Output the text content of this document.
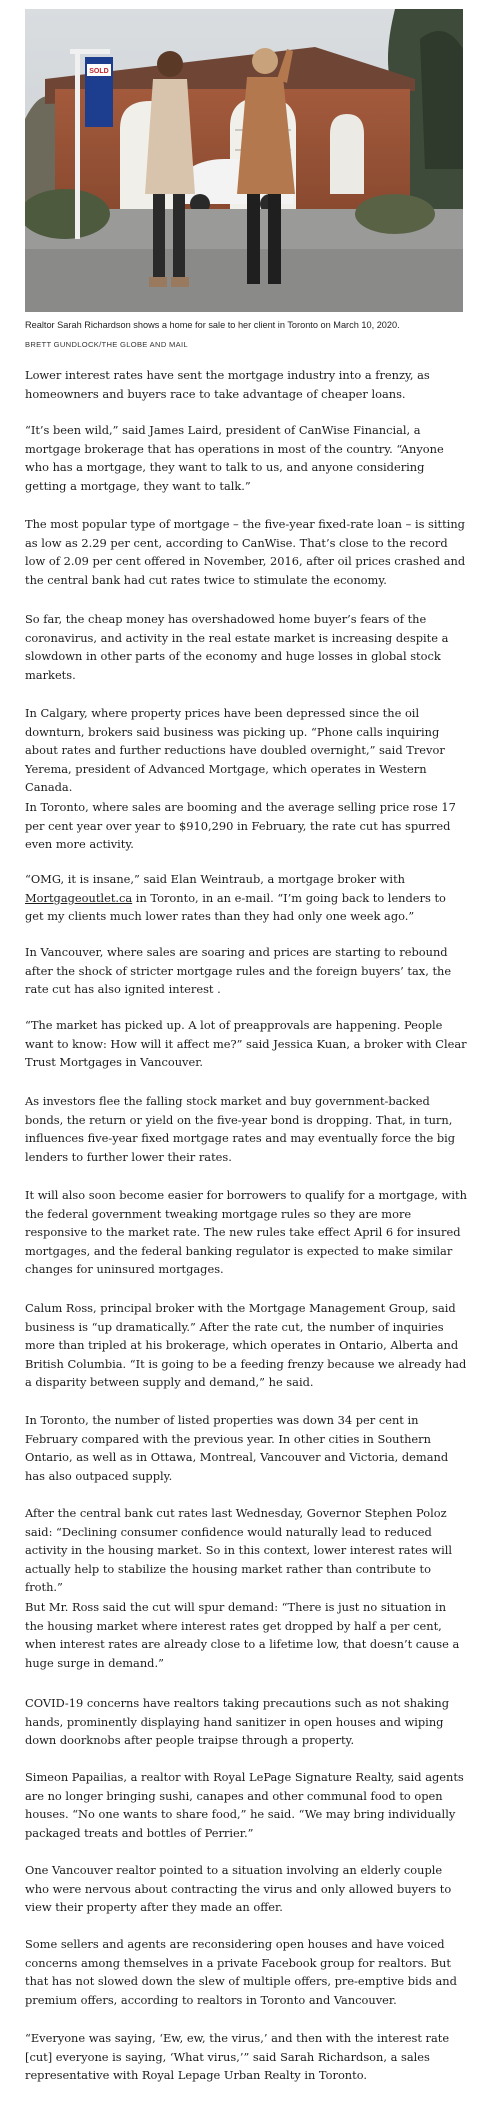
SOLD
Realtor Sarah Richardson shows a home for sale to her client in Toronto on March 10, 2020.
BRETT GUNDLOCK/THE GLOBE AND MAIL

Lower interest rates have sent the mortgage industry into a frenzy, as homeowners and buyers race to take advantage of cheaper loans.

“It’s been wild,” said James Laird, president of CanWise Financial, a mortgage brokerage that has operations in most of the country. “Anyone who has a mortgage, they want to talk to us, and anyone considering getting a mortgage, they want to talk.”

The most popular type of mortgage – the five-year fixed-rate loan – is sitting as low as 2.29 per cent, according to CanWise. That’s close to the record low of 2.09 per cent offered in November, 2016, after oil prices crashed and the central bank had cut rates twice to stimulate the economy.

So far, the cheap money has overshadowed home buyer’s fears of the coronavirus, and activity in the real estate market is increasing despite a slowdown in other parts of the economy and huge losses in global stock markets.

In Calgary, where property prices have been depressed since the oil downturn, brokers said business was picking up. “Phone calls inquiring about rates and further reductions have doubled overnight,” said Trevor Yerema, president of Advanced Mortgage, which operates in Western Canada.

In Toronto, where sales are booming and the average selling price rose 17 per cent year over year to $910,290 in February, the rate cut has spurred even more activity.

“OMG, it is insane,” said Elan Weintraub, a mortgage broker with Mortgageoutlet.ca in Toronto, in an e-mail. “I’m going back to lenders to get my clients much lower rates than they had only one week ago.”

In Vancouver, where sales are soaring and prices are starting to rebound after the shock of stricter mortgage rules and the foreign buyers’ tax, the rate cut has also ignited interest .

“The market has picked up. A lot of preapprovals are happening. People want to know: How will it affect me?” said Jessica Kuan, a broker with Clear Trust Mortgages in Vancouver.

As investors flee the falling stock market and buy government-backed bonds, the return or yield on the five-year bond is dropping. That, in turn, influences five-year fixed mortgage rates and may eventually force the big lenders to further lower their rates.

It will also soon become easier for borrowers to qualify for a mortgage, with the federal government tweaking mortgage rules so they are more responsive to the market rate. The new rules take effect April 6 for insured mortgages, and the federal banking regulator is expected to make similar changes for uninsured mortgages.

Calum Ross, principal broker with the Mortgage Management Group, said business is “up dramatically.” After the rate cut, the number of inquiries more than tripled at his brokerage, which operates in Ontario, Alberta and British Columbia. “It is going to be a feeding frenzy because we already had a disparity between supply and demand,” he said.

In Toronto, the number of listed properties was down 34 per cent in February compared with the previous year. In other cities in Southern Ontario, as well as in Ottawa, Montreal, Vancouver and Victoria, demand has also outpaced supply.

After the central bank cut rates last Wednesday, Governor Stephen Poloz said: “Declining consumer confidence would naturally lead to reduced activity in the housing market. So in this context, lower interest rates will actually help to stabilize the housing market rather than contribute to froth.”

But Mr. Ross said the cut will spur demand: “There is just no situation in the housing market where interest rates get dropped by half a per cent, when interest rates are already close to a lifetime low, that doesn’t cause a huge surge in demand.”

COVID-19 concerns have realtors taking precautions such as not shaking hands, prominently displaying hand sanitizer in open houses and wiping down doorknobs after people traipse through a property.

Simeon Papailias, a realtor with Royal LePage Signature Realty, said agents are no longer bringing sushi, canapes and other communal food to open houses. “No one wants to share food,” he said. “We may bring individually packaged treats and bottles of Perrier.”

One Vancouver realtor pointed to a situation involving an elderly couple who were nervous about contracting the virus and only allowed buyers to view their property after they made an offer.

Some sellers and agents are reconsidering open houses and have voiced concerns among themselves in a private Facebook group for realtors. But that has not slowed down the slew of multiple offers, pre-emptive bids and premium offers, according to realtors in Toronto and Vancouver.

“Everyone was saying, ‘Ew, ew, the virus,’ and then with the interest rate [cut] everyone is saying, ‘What virus,’” said Sarah Richardson, a sales representative with Royal Lepage Urban Realty in Toronto.
